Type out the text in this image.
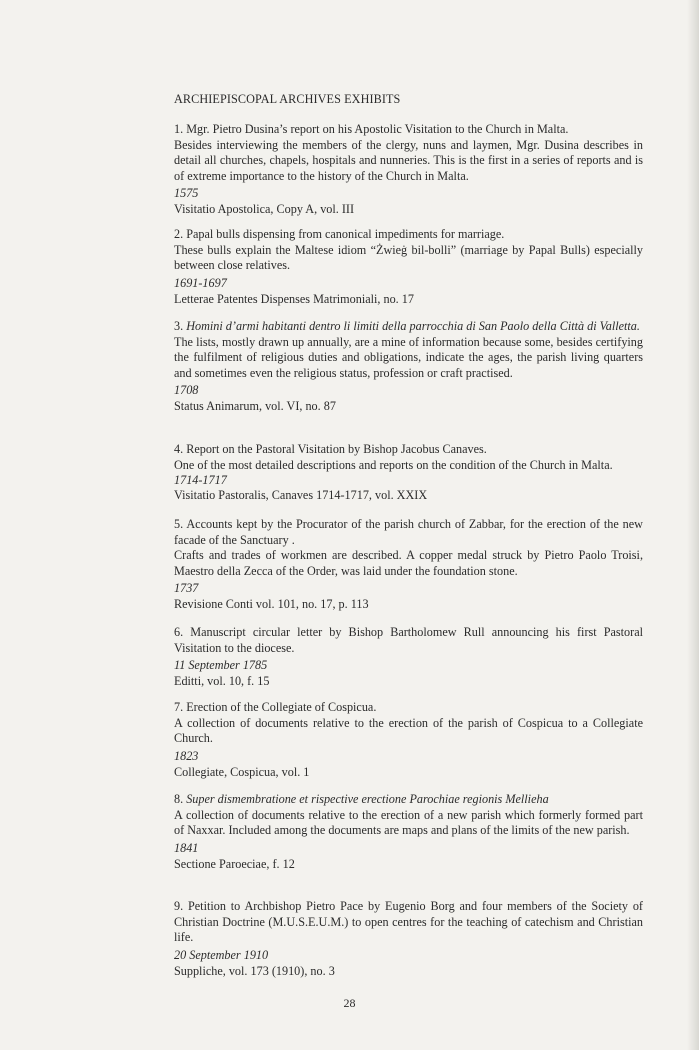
ARCHIEPISCOPAL ARCHIVES EXHIBITS

1. Mgr. Pietro Dusina’s report on his Apostolic Visitation to the Church in Malta.

Besides interviewing the members of the clergy, nuns and laymen, Mgr. Dusina describes in detail all churches, chapels, hospitals and nunneries. This is the first in a series of reports and is of extreme importance to the history of the Church in Malta.

1575

Visitatio Apostolica, Copy A, vol. III

2. Papal bulls dispensing from canonical impediments for marriage.

These bulls explain the Maltese idiom “Żwieġ bil-bolli” (marriage by Papal Bulls) especially between close relatives.

1691-1697

Letterae Patentes Dispenses Matrimoniali, no. 17

3. Homini d’armi habitanti dentro li limiti della parrocchia di San Paolo della Città di Valletta.

The lists, mostly drawn up annually, are a mine of information because some, besides certifying the fulfilment of religious duties and obligations, indicate the ages, the parish living quarters and sometimes even the religious status, profession or craft practised.

1708

Status Animarum, vol. VI, no. 87

4. Report on the Pastoral Visitation by Bishop Jacobus Canaves.

One of the most detailed descriptions and reports on the condition of the Church in Malta.

1714-1717

Visitatio Pastoralis, Canaves 1714-1717, vol. XXIX

5. Accounts kept by the Procurator of the parish church of Zabbar, for the erection of the new facade of the Sanctuary .

Crafts and trades of workmen are described. A copper medal struck by Pietro Paolo Troisi, Maestro della Zecca of the Order, was laid under the foundation stone.

1737

Revisione Conti vol. 101, no. 17, p. 113

6. Manuscript circular letter by Bishop Bartholomew Rull announcing his first Pastoral Visitation to the diocese.

11 September 1785

Editti, vol. 10, f. 15

7. Erection of the Collegiate of Cospicua.

A collection of documents relative to the erection of the parish of Cospicua to a Collegiate Church.

1823

Collegiate, Cospicua, vol. 1

8. Super dismembratione et rispective erectione Parochiae regionis Mellieha

A collection of documents relative to the erection of a new parish which formerly formed part of Naxxar. Included among the documents are maps and plans of the limits of the new parish.

1841

Sectione Paroeciae, f. 12

9. Petition to Archbishop Pietro Pace by Eugenio Borg and four members of the Society of Christian Doctrine (M.U.S.E.U.M.) to open centres for the teaching of catechism and Christian life.

20 September 1910

Suppliche, vol. 173 (1910), no. 3

28
